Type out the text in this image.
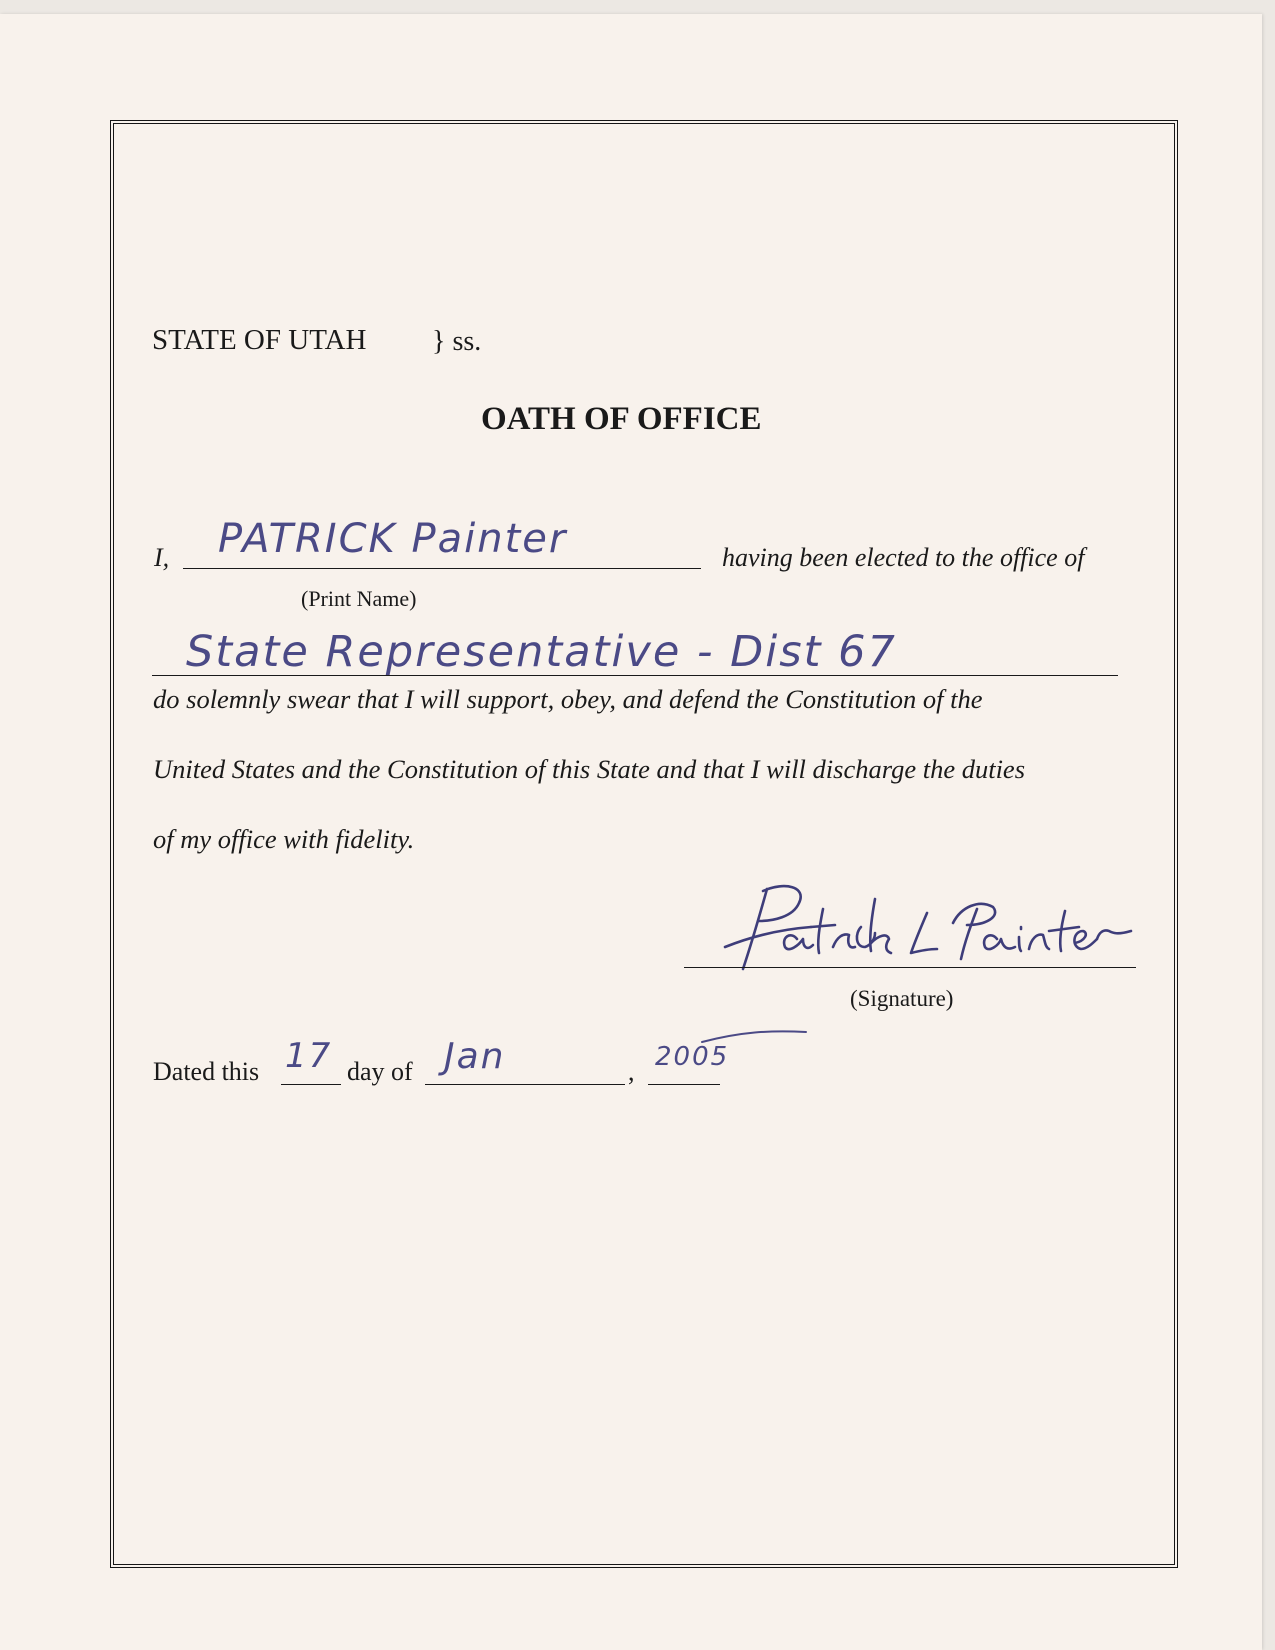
STATE OF UTAH } ss.
OATH OF OFFICE
I, PATRICK Painter	having been elected to the office of
(Print Name)
State Representative - Dist 67
do solemnly swear that I will support, obey, and defend the Constitution of the
United States and the Constitution of this State and that I will discharge the duties
of my office with fidelity.
(Signature)
Dated this 17 day of Jan	, 2005
